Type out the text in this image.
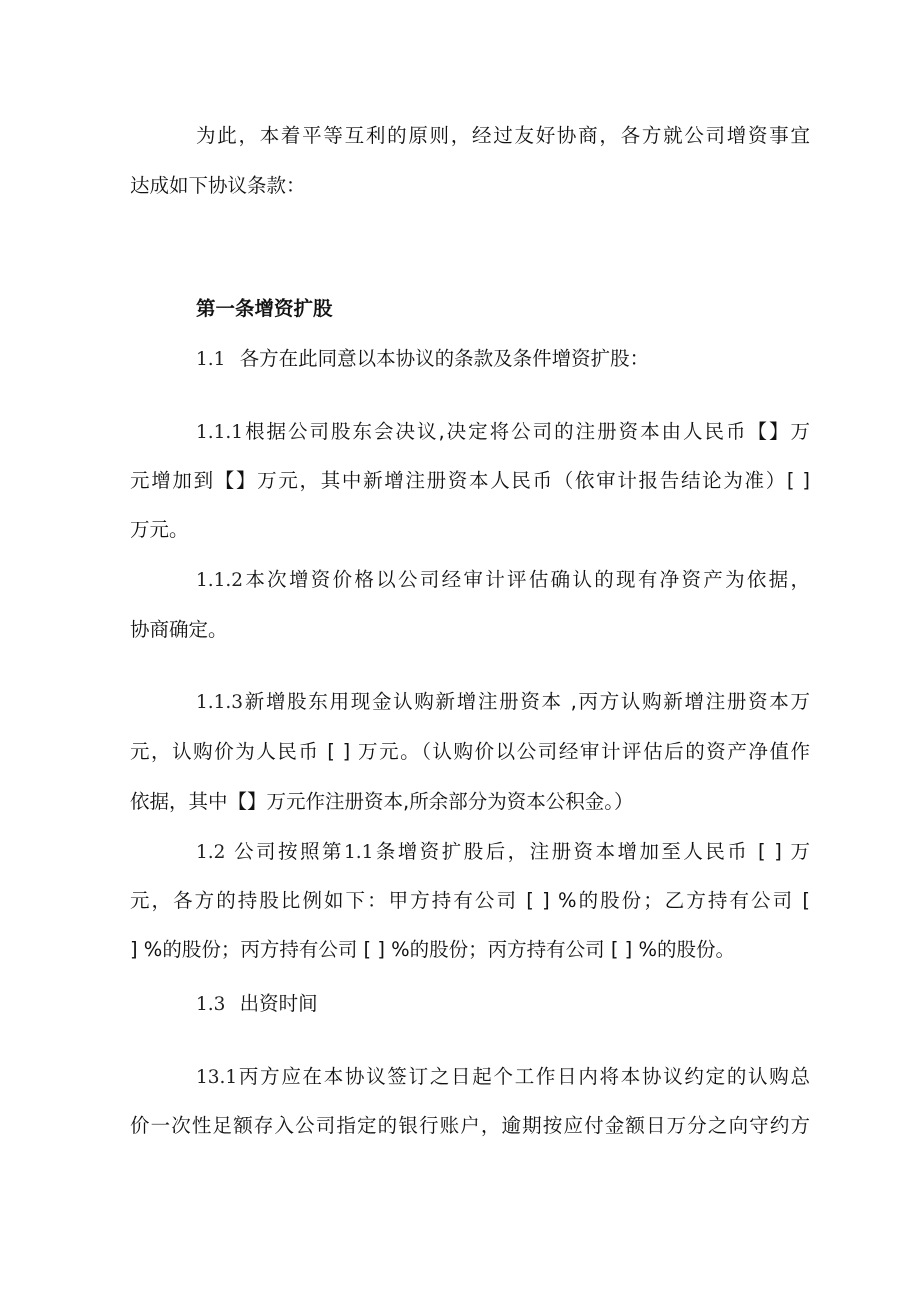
为此，本着平等互利的原则，经过友好协商，各方就公司增资事宜
达成如下协议条款：
第一条增资扩股
1.1 各方在此同意以本协议的条款及条件增资扩股：
1.1.1根据公司股东会决议,决定将公司的注册资本由人民币【】万
元增加到【】万元，其中新增注册资本人民币（依审计报告结论为准）[ ]
万元。
1.1.2本次增资价格以公司经审计评估确认的现有净资产为依据，
协商确定。
1.1.3新增股东用现金认购新增注册资本 ,丙方认购新增注册资本万
元，认购价为人民币 [ ] 万元。（认购价以公司经审计评估后的资产净值作
依据，其中【】万元作注册资本,所余部分为资本公积金。）
1.2 公司按照第1.1条增资扩股后，注册资本增加至人民币 [ ] 万
元，各方的持股比例如下：甲方持有公司 [ ] %的股份；乙方持有公司 [
] %的股份；丙方持有公司 [ ] %的股份；丙方持有公司 [ ] %的股份。
1.3 出资时间
13.1丙方应在本协议签订之日起个工作日内将本协议约定的认购总
价一次性足额存入公司指定的银行账户，逾期按应付金额日万分之向守约方
